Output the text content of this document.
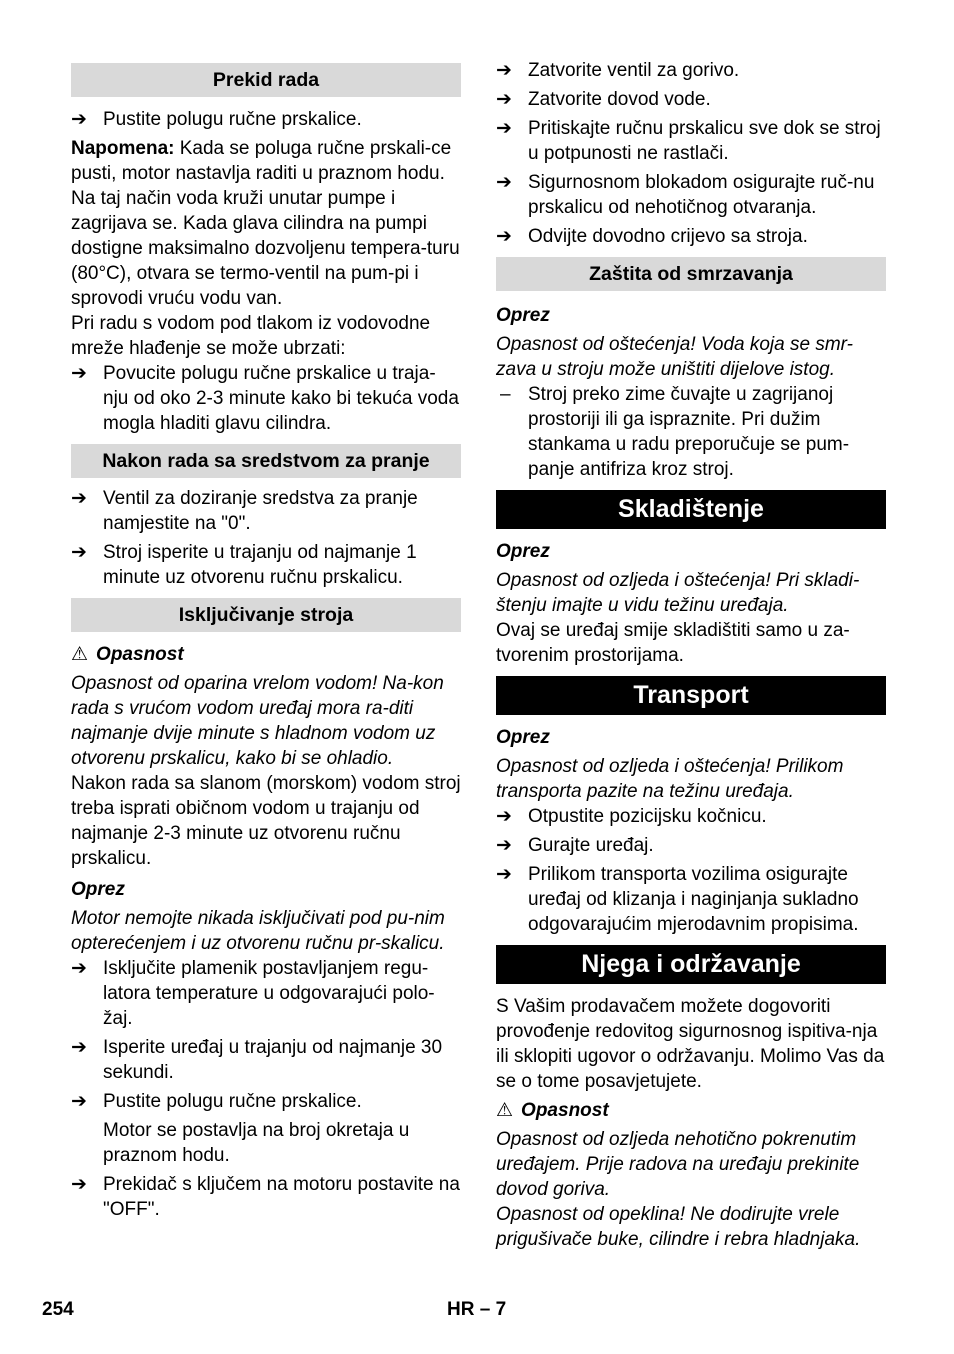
Prekid rada
➔ Pustite polugu ručne prskalice.

Napomena: Kada se poluga ručne prskali-ce pusti, motor nastavlja raditi u praznom hodu. Na taj način voda kruži unutar pumpe i zagrijava se. Kada glava cilindra na pumpi dostigne maksimalno dozvoljenu tempera-turu (80°C), otvara se termo-ventil na pum-pi i sprovodi vruću vodu van.

Pri radu s vodom pod tlakom iz vodovodne mreže hlađenje se može ubrzati:

➔ Povucite polugu ručne prskalice u traja-nju od oko 2-3 minute kako bi tekuća voda mogla hladiti glavu cilindra.
Nakon rada sa sredstvom za pranje
➔ Ventil za doziranje sredstva za pranje namjestite na "0".
➔ Stroj isperite u trajanju od najmanje 1 minute uz otvorenu ručnu prskalicu.
Isključivanje stroja

⚠ Opasnost

Opasnost od oparina vrelom vodom! Na-kon rada s vrućom vodom uređaj mora ra-diti najmanje dvije minute s hladnom vodom uz otvorenu prskalicu, kako bi se ohladio.

Nakon rada sa slanom (morskom) vodom stroj treba isprati običnom vodom u trajanju od najmanje 2-3 minute uz otvorenu ručnu prskalicu.

Oprez

Motor nemojte nikada isključivati pod pu-nim opterećenjem i uz otvorenu ručnu pr-skalicu.

➔ Isključite plamenik postavljanjem regu-latora temperature u odgovarajući polo-žaj.
➔ Isperite uređaj u trajanju od najmanje 30 sekundi.
➔ Pustite polugu ručne prskalice.

Motor se postavlja na broj okretaja u praznom hodu.

➔ Prekidač s ključem na motoru postavite na "OFF".
➔ Zatvorite ventil za gorivo.
➔ Zatvorite dovod vode.
➔ Pritiskajte ručnu prskalicu sve dok se stroj u potpunosti ne rastlači.
➔ Sigurnosnom blokadom osigurajte ruč-nu prskalicu od nehotičnog otvaranja.
➔ Odvijte dovodno crijevo sa stroja.
Zaštita od smrzavanja

Oprez

Opasnost od oštećenja! Voda koja se smr-zava u stroju može uništiti dijelove istog.

– Stroj preko zime čuvajte u zagrijanoj prostoriji ili ga ispraznite. Pri dužim stankama u radu preporučuje se pum-panje antifriza kroz stroj.
Skladištenje

Oprez

Opasnost od ozljeda i oštećenja! Pri skladi-štenju imajte u vidu težinu uređaja.

Ovaj se uređaj smije skladištiti samo u za-tvorenim prostorijama.

Transport

Oprez

Opasnost od ozljeda i oštećenja! Prilikom transporta pazite na težinu uređaja.

➔ Otpustite pozicijsku kočnicu.
➔ Gurajte uređaj.
➔ Prilikom transporta vozilima osigurajte uređaj od klizanja i naginjanja sukladno odgovarajućim mjerodavnim propisima.
Njega i održavanje

S Vašim prodavačem možete dogovoriti provođenje redovitog sigurnosnog ispitiva-nja ili sklopiti ugovor o održavanju. Molimo Vas da se o tome posavjetujete.

⚠ Opasnost

Opasnost od ozljeda nehotično pokrenutim uređajem. Prije radova na uređaju prekinite dovod goriva.

Opasnost od opeklina! Ne dodirujte vrele prigušivače buke, cilindre i rebra hladnjaka.

254	HR – 7
